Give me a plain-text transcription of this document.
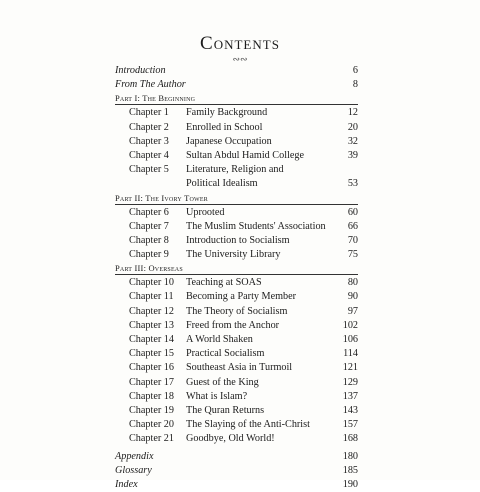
Contents
∾∾
Introduction	6
From The Author	8
Part I: The Beginning
Chapter 1 Family Background	12
Chapter 2 Enrolled in School	20
Chapter 3 Japanese Occupation	32
Chapter 4 Sultan Abdul Hamid College	39
Chapter 5 Literature, Religion and
Political Idealism	53
Part II: The Ivory Tower
Chapter 6 Uprooted	60
Chapter 7 The Muslim Students' Association	66
Chapter 8 Introduction to Socialism	70
Chapter 9 The University Library	75
Part III: Overseas
Chapter 10 Teaching at SOAS	80
Chapter 11 Becoming a Party Member	90
Chapter 12 The Theory of Socialism	97
Chapter 13 Freed from the Anchor	102
Chapter 14 A World Shaken	106
Chapter 15 Practical Socialism	114
Chapter 16 Southeast Asia in Turmoil	121
Chapter 17 Guest of the King	129
Chapter 18 What is Islam?	137
Chapter 19 The Quran Returns	143
Chapter 20 The Slaying of the Anti-Christ	157
Chapter 21 Goodbye, Old World!	168
Appendix	180
Glossary	185
Index	190
